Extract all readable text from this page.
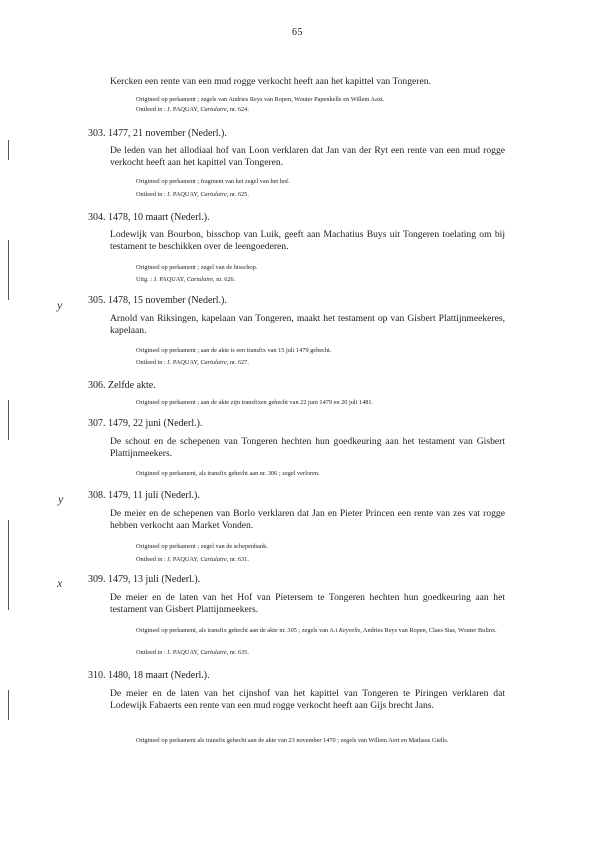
65
y
y
x
Kercken een rente van een mud rogge verkocht heeft aan het kapittel van Tongeren.
Origineel op perkament ; zegels van Andries Reys van Ropen, Wouter Papenkelle en Willem Aaxt.
Ontleed in : J. PAQUAY, Cartulaire, nr. 624.
303. 1477, 21 november (Nederl.).
De leden van het allodiaal hof van Loon verklaren dat Jan van der Ryt een rente van een mud rogge verkocht heeft aan het kapittel van Tongeren.
Origineel op perkament ; fragment van het zegel van het hof.
Ontleed in : J. PAQUAY, Cartulaire, nr. 625.
304. 1478, 10 maart (Nederl.).
Lodewijk van Bourbon, bisschop van Luik, geeft aan Machatius Buys uit Tongeren toelating om bij testament te beschikken over de leengoederen.
Origineel op perkament ; zegel van de bisschop.
Uitg. : J. PAQUAY, Cartulaire, nr. 626.
305. 1478, 15 november (Nederl.).
Arnold van Riksingen, kapelaan van Tongeren, maakt het testament op van Gisbert Plattijnmeekeres, kapelaan.
Origineel op perkament ; aan de akte is een transfix van 15 juli 1479 gehecht.
Ontleed in : J. PAQUAY, Cartulaire, nr. 627.
306. Zelfde akte.
Origineel op perkament ; aan de akte zijn transfixen gehecht van 22 juni 1479 en 20 juli 1481.
307. 1479, 22 juni (Nederl.).
De schout en de schepenen van Tongeren hechten hun goedkeuring aan het testament van Gisbert Plattijnmeekers.
Origineel op perkament, als transfix gehecht aan nr. 306 ; zegel verloren.
308. 1479, 11 juli (Nederl.).
De meier en de schepenen van Borlo verklaren dat Jan en Pieter Princen een rente van zes vat rogge hebben verkocht aan Market Vonden.
Origineel op perkament ; zegel van de schepenbank.
Ontleed in : J. PAQUAY, Cartulaire, nr. 631.
309. 1479, 13 juli (Nederl.).
De meier en de laten van het Hof van Pietersem te Tongeren hechten hun goedkeuring aan het testament van Gisbert Plattijnmeekers.
Origineel op perkament, als transfix gehecht aan de akte nr. 305 ; zegels van A.t Keyvelts, Andries Reys van Ropen, Claes Stas, Wouter Bulinx.
Ontleed in : J. PAQUAY, Cartulaire, nr. 635.
310. 1480, 18 maart (Nederl.).
De meier en de laten van het cijnshof van het kapittel van Tongeren te Piringen verklaren dat Lodewijk Fabaerts een rente van een mud rogge verkocht heeft aan Gijs brecht Jans.
Origineel op perkament als transfix gehecht aan de akte van 23 november 1470 ; zegels van Willem Aert en Mathaus Giells.
